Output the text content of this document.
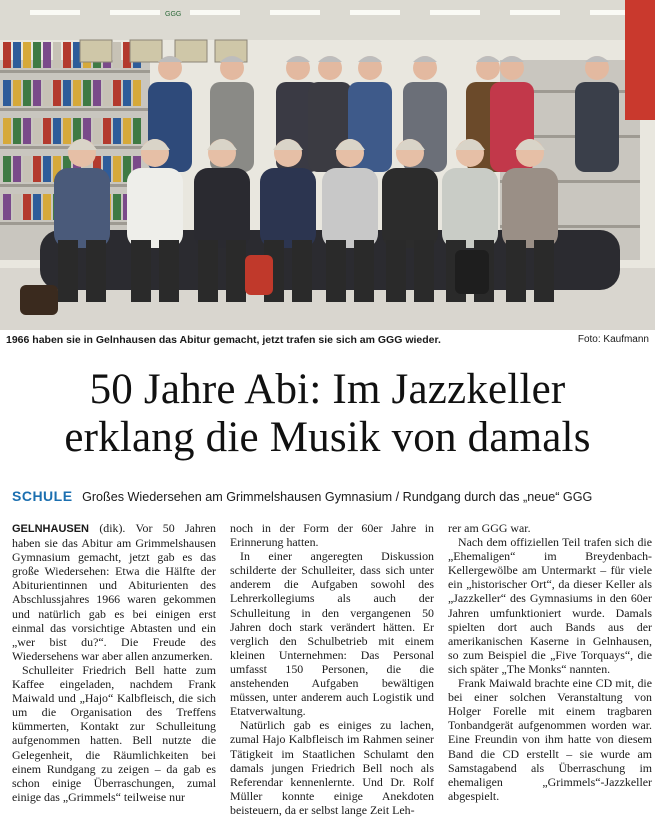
GGG
1966 haben sie in Gelnhausen das Abitur gemacht, jetzt trafen sie sich am GGG wieder.	Foto: Kaufmann
50 Jahre Abi: Im Jazzkeller
erklang die Musik von damals
SCHULE Großes Wiedersehen am Grimmelshausen Gymnasium / Rundgang durch das „neue“ GGG

GELNHAUSEN (dik). Vor 50 Jahren haben sie das Abitur am Grimmelshausen Gymnasium gemacht, jetzt gab es das große Wiedersehen: Etwa die Hälfte der Abiturientinnen und Abiturienten des Abschlussjahres 1966 waren gekommen und natürlich gab es bei einigen erst einmal das vorsichtige Abtasten und ein „wer bist du?“. Die Freude des Wiedersehens war aber allen anzumerken.

Schulleiter Friedrich Bell hatte zum Kaffee eingeladen, nachdem Frank Maiwald und „Hajo“ Kalbfleisch, die sich um die Organisation des Treffens kümmerten, Kontakt zur Schulleitung aufgenommen hatten. Bell nutzte die Gelegenheit, die Räumlichkeiten bei einem Rundgang zu zeigen – da gab es schon einige Überraschungen, zumal einige das „Grimmels“ teilweise nur

noch in der Form der 60er Jahre in Erinnerung hatten.

In einer angeregten Diskussion schilderte der Schulleiter, dass sich unter anderem die Aufgaben sowohl des Lehrerkollegiums als auch der Schulleitung in den vergangenen 50 Jahren doch stark verändert hätten. Er verglich den Schulbetrieb mit einem kleinen Unternehmen: Das Personal umfasst 150 Personen, die die anstehenden Aufgaben bewältigen müssen, unter anderem auch Logistik und Etatverwaltung.

Natürlich gab es einiges zu lachen, zumal Hajo Kalbfleisch im Rahmen seiner Tätigkeit im Staatlichen Schulamt den damals jungen Friedrich Bell noch als Referendar kennenlernte. Und Dr. Rolf Müller konnte einige Anekdoten beisteuern, da er selbst lange Zeit Leh-

rer am GGG war.

Nach dem offiziellen Teil trafen sich die „Ehemaligen“ im Breydenbach-Kellergewölbe am Untermarkt – für viele ein „historischer Ort“, da dieser Keller als „Jazzkeller“ des Gymnasiums in den 60er Jahren umfunktioniert wurde. Damals spielten dort auch Bands aus der amerikanischen Kaserne in Gelnhausen, so zum Beispiel die „Five Torquays“, die sich später „The Monks“ nannten.

Frank Maiwald brachte eine CD mit, die bei einer solchen Veranstaltung von Holger Forelle mit einem tragbaren Tonbandgerät aufgenommen worden war. Eine Freundin von ihm hatte von diesem Band die CD erstellt – sie wurde am Samstagabend als Überraschung im ehemaligen „Grimmels“-Jazzkeller abgespielt.
